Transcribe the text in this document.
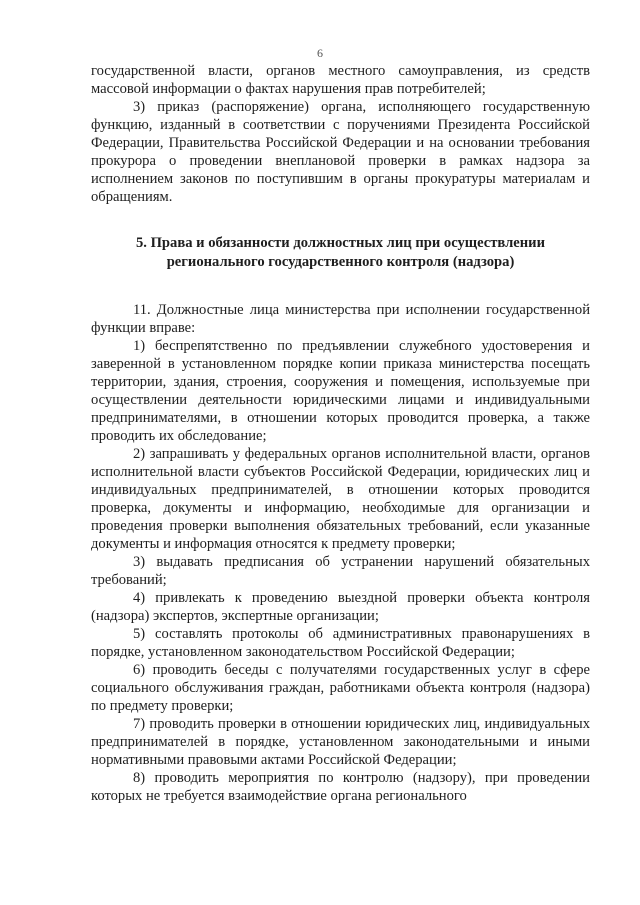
6

государственной власти, органов местного самоуправления, из средств массовой информации о фактах нарушения прав потребителей;

3) приказ (распоряжение) органа, исполняющего государственную функцию, изданный в соответствии с поручениями Президента Российской Федерации, Правительства Российской Федерации и на основании требования прокурора о проведении внеплановой проверки в рамках надзора за исполнением законов по поступившим в органы прокуратуры материалам и обращениям.

5. Права и обязанности должностных лиц при осуществлении
регионального государственного контроля (надзора)

11. Должностные лица министерства при исполнении государственной функции вправе:

1) беспрепятственно по предъявлении служебного удостоверения и заверенной в установленном порядке копии приказа министерства посещать территории, здания, строения, сооружения и помещения, используемые при осуществлении деятельности юридическими лицами и индивидуальными предпринимателями, в отношении которых проводится проверка, а также проводить их обследование;

2) запрашивать у федеральных органов исполнительной власти, органов исполнительной власти субъектов Российской Федерации, юридических лиц и индивидуальных предпринимателей, в отношении которых проводится проверка, документы и информацию, необходимые для организации и проведения проверки выполнения обязательных требований, если указанные документы и информация относятся к предмету проверки;

3) выдавать предписания об устранении нарушений обязательных требований;

4) привлекать к проведению выездной проверки объекта контроля (надзора) экспертов, экспертные организации;

5) составлять протоколы об административных правонарушениях в порядке, установленном законодательством Российской Федерации;

6) проводить беседы с получателями государственных услуг в сфере социального обслуживания граждан, работниками объекта контроля (надзора) по предмету проверки;

7) проводить проверки в отношении юридических лиц, индивидуальных предпринимателей в порядке, установленном законодательными и иными нормативными правовыми актами Российской Федерации;

8) проводить мероприятия по контролю (надзору), при проведении которых не требуется взаимодействие органа регионального
